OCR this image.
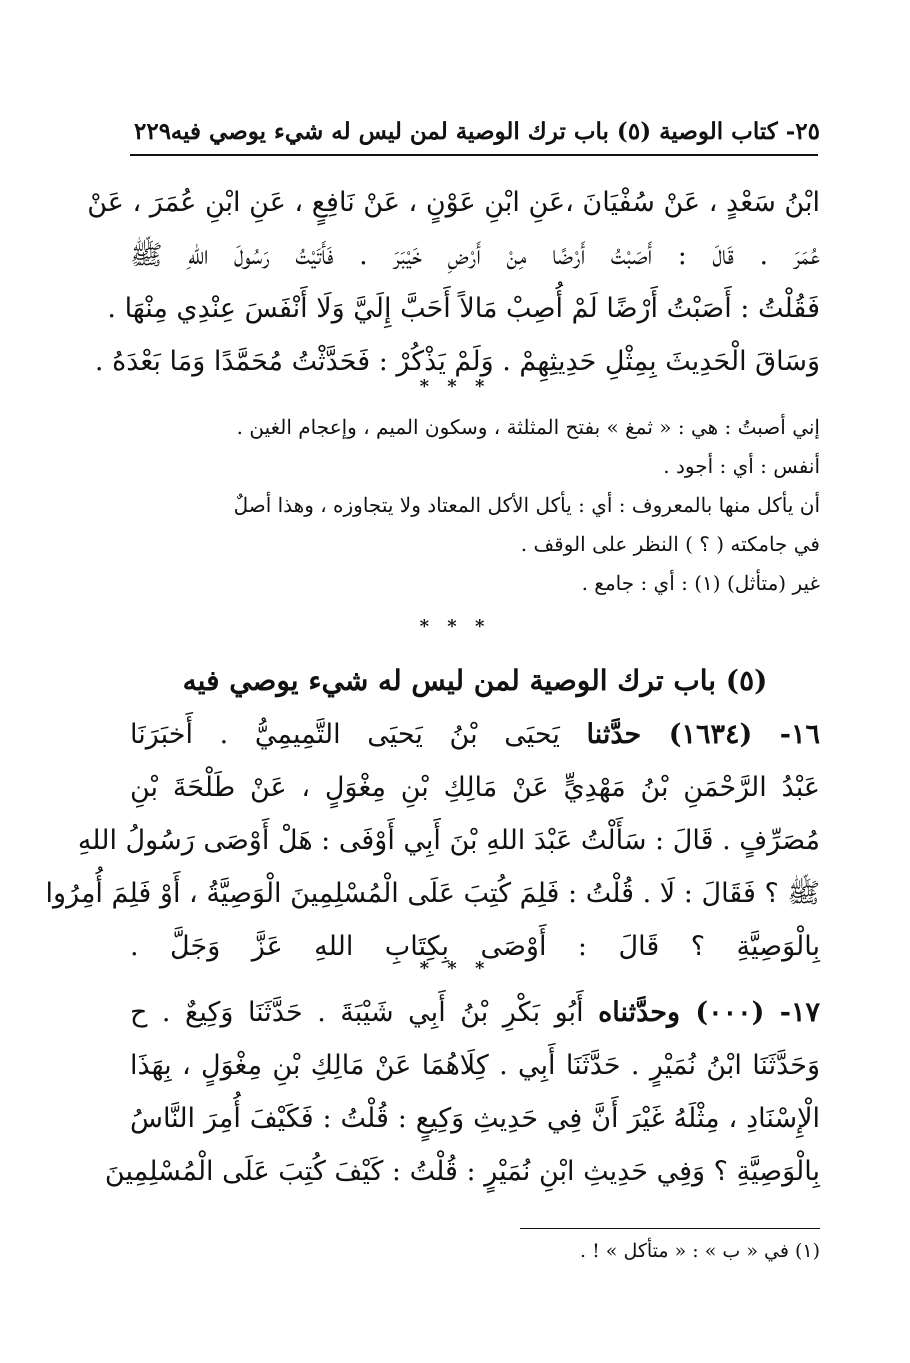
٢٥- كتاب الوصية (٥) باب ترك الوصية لمن ليس له شيء يوصي فيه
٢٢٩
ابْنُ سَعْدٍ ، عَنْ سُفْيَانَ ،عَنِ ابْنِ عَوْنٍ ، عَنْ نَافِعٍ ، عَنِ ابْنِ عُمَرَ ، عَنْ
عُمَرَ . قَالَ : أَصَبْتُ أَرْضًا مِنْ أَرْضِ خَيْبَرَ . فَأَتَيْتُ رَسُولَ اللهِ ﷺ
فَقُلْتُ : أَصَبْتُ أَرْضًا لَمْ أُصِبْ مَالاً أَحَبَّ إِلَيَّ وَلَا أَنْفَسَ عِنْدِي مِنْهَا .
وَسَاقَ الْحَدِيثَ بِمِثْلِ حَدِيثِهِمْ . وَلَمْ يَذْكُرْ : فَحَدَّثْتُ مُحَمَّدًا وَمَا بَعْدَهُ .
* * *
إني أصبتُ : هي : « ثمغ » بفتح المثلثة ، وسكون الميم ، وإعجام الغين .
أنفس : أي : أجود .
أن يأكل منها بالمعروف : أي : يأكل الأكل المعتاد ولا يتجاوزه ، وهذا أصلٌ
في جامكته ( ؟ ) النظر على الوقف .
غير (متأثل) (١) : أي : جامع .
* * *
(٥) باب ترك الوصية لمن ليس له شيء يوصي فيه
١٦- (١٦٣٤) حدَّثنا يَحيَى بْنُ يَحيَى التَّمِيمِيُّ . أَخبَرَنَا
عَبْدُ الرَّحْمَنِ بْنُ مَهْدِيٍّ عَنْ مَالِكِ بْنِ مِغْوَلٍ ، عَنْ طَلْحَةَ بْنِ
مُصَرِّفٍ . قَالَ : سَأَلْتُ عَبْدَ اللهِ بْنَ أَبِي أَوْفَى : هَلْ أَوْصَى رَسُولُ اللهِ
ﷺ ؟ فَقَالَ : لَا . قُلْتُ : فَلِمَ كُتِبَ عَلَى الْمُسْلِمِينَ الْوَصِيَّةُ ، أَوْ فَلِمَ أُمِرُوا
بِالْوَصِيَّةِ ؟ قَالَ : أَوْصَى بِكِتَابِ اللهِ عَزَّ وَجَلَّ .
* * *
١٧- (٠٠٠) وحدَّثناه أَبُو بَكْرِ بْنُ أَبِي شَيْبَةَ . حَدَّثَنَا وَكِيعٌ . ح
وَحَدَّثَنَا ابْنُ نُمَيْرٍ . حَدَّثَنَا أَبِي . كِلَاهُمَا عَنْ مَالِكِ بْنِ مِغْوَلٍ ، بِهَذَا
الْإِسْنَادِ ، مِثْلَهُ غَيْرَ أَنَّ فِي حَدِيثِ وَكِيعٍ : قُلْتُ : فَكَيْفَ أُمِرَ النَّاسُ
بِالْوَصِيَّةِ ؟ وَفِي حَدِيثِ ابْنِ نُمَيْرٍ : قُلْتُ : كَيْفَ كُتِبَ عَلَى الْمُسْلِمِينَ
(١) في « ب » : « متأكل » ! .
